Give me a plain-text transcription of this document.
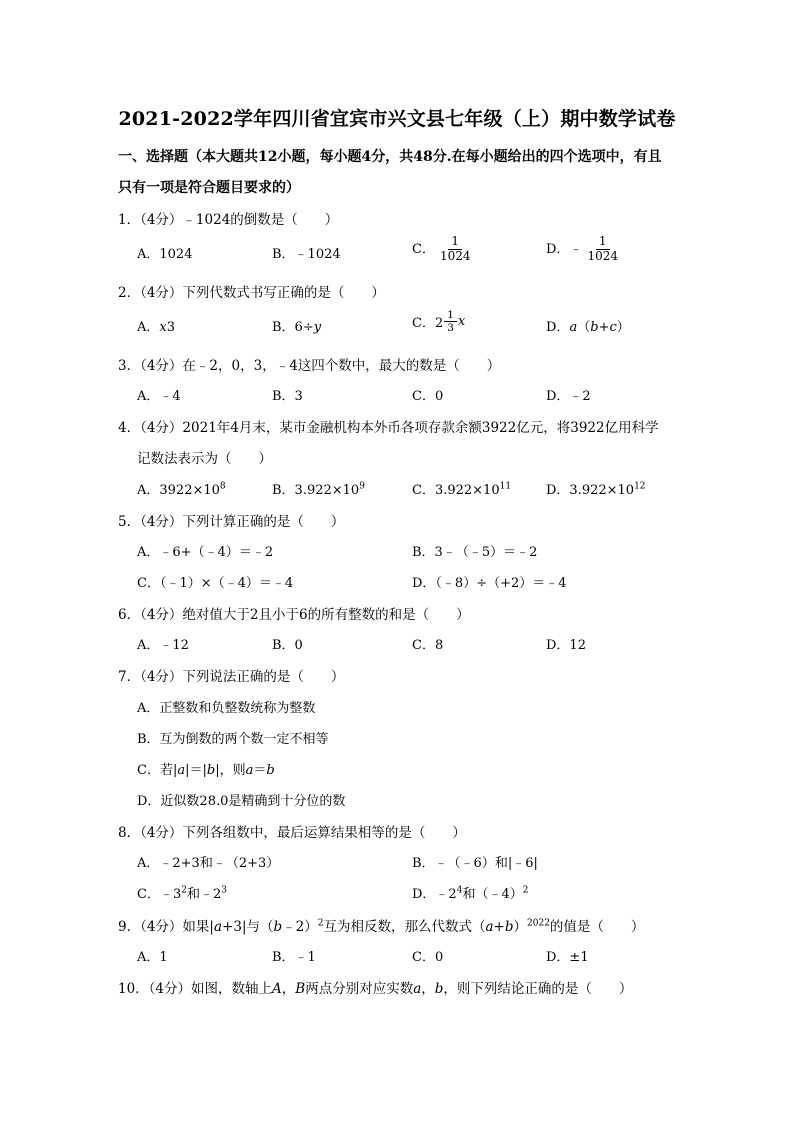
2021-2022学年四川省宜宾市兴文县七年级（上）期中数学试卷
一、选择题（本大题共12小题，每小题4分，共48分.在每小题给出的四个选项中，有且
只有一项是符合题目要求的）
1．（4分）﹣1024的倒数是（　　）
A．1024	B．﹣1024	C． $\frac{1}{1024}$	D．﹣ $\frac{1}{1024}$
2．（4分）下列代数式书写正确的是（　　）
A．x3	B．6÷y	C．$2 \frac{1}{3}$ x	D．a（b+c）
3．（4分）在﹣2，0，3，﹣4这四个数中，最大的数是（　　）
A．﹣4	B．3	C．0	D．﹣2
4．（4分）2021年4月末，某市金融机构本外币各项存款余额3922亿元，将3922亿用科学
记数法表示为（　　）
A．$3922\times 10^8$	B．$3.922\times 10^9$	C．$3.922\times 10^{11}$	D．$3.922\times 10^{12}$
5．（4分）下列计算正确的是（　　）
A．﹣6+（﹣4）＝﹣2	B．3﹣（﹣5）＝﹣2
C．（﹣1）×（﹣4）＝﹣4	D．（﹣8）÷（+2）＝﹣4
6．（4分）绝对值大于2且小于6的所有整数的和是（　　）
A．﹣12	B．0	C．8	D．12
7．（4分）下列说法正确的是（　　）
A．正整数和负整数统称为整数
B．互为倒数的两个数一定不相等
C．若|a|＝|b|，则a＝b
D．近似数28.0是精确到十分位的数
8．（4分）下列各组数中，最后运算结果相等的是（　　）
A．﹣2+3和﹣（2+3）	B．﹣（﹣6）和|﹣6|
C．$﹣3^2$和$﹣2^3$	D．$﹣2^4$和（﹣4）$^2$
9．（4分）如果|a+3|与（b﹣2）$^2$互为相反数，那么代数式$(a+b)^{2022}$的值是（　　）
A．1	B．﹣1	C．0	D．±1
10．（4分）如图，数轴上A，B两点分别对应实数a，b，则下列结论正确的是（　　）
